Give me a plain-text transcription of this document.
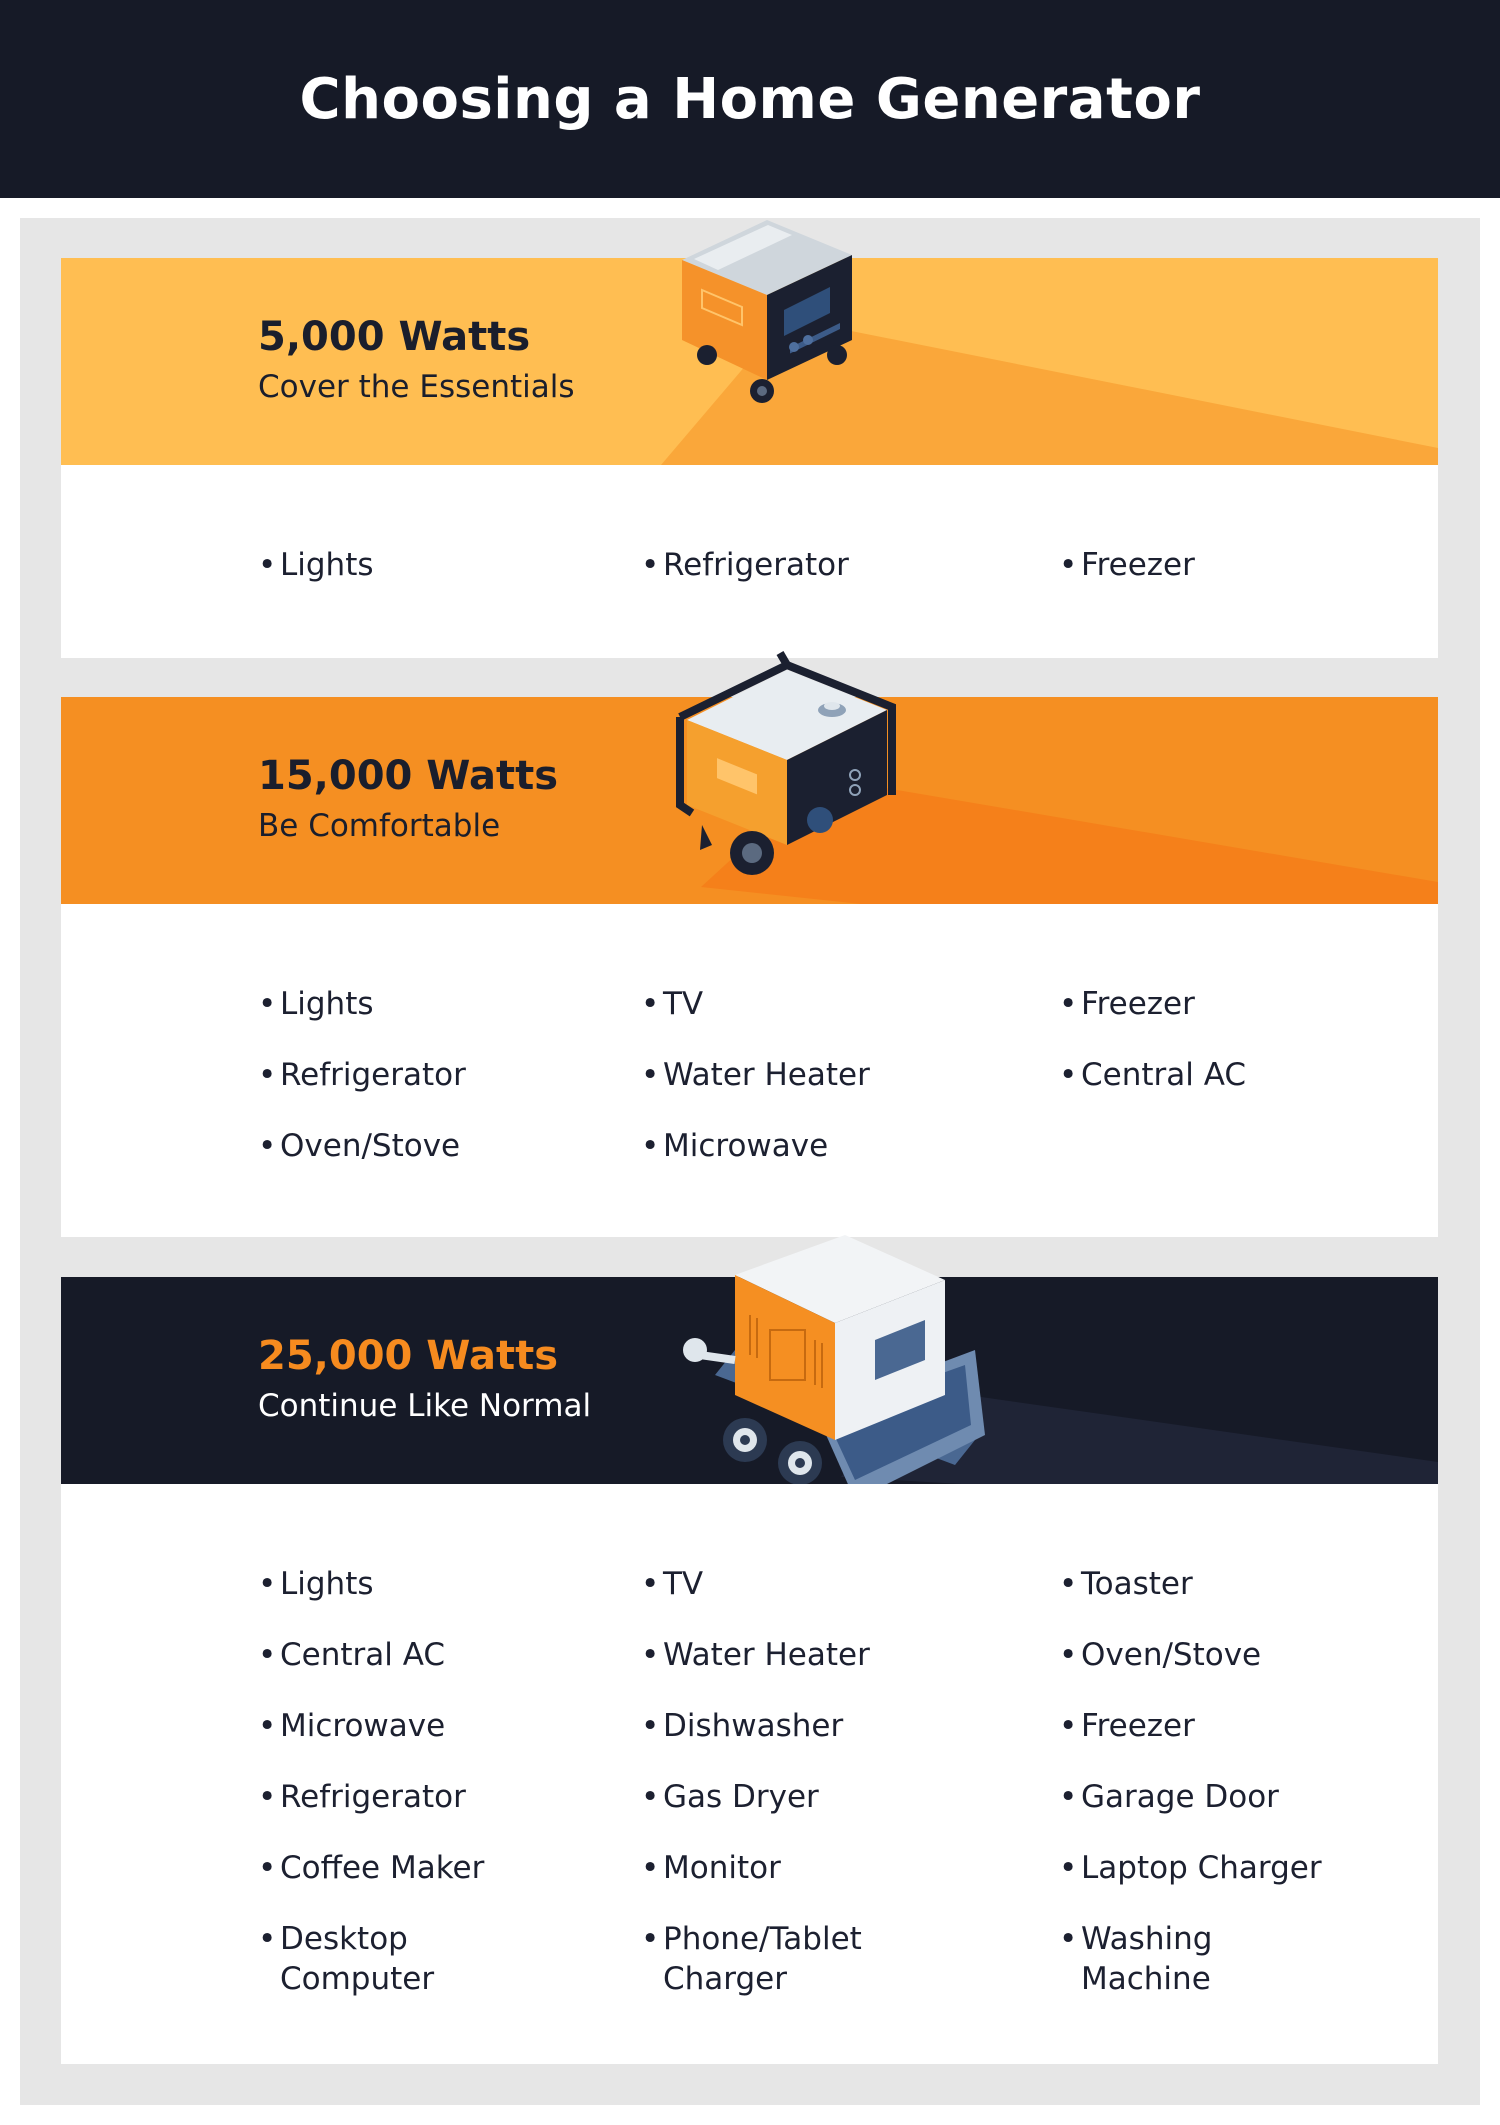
Choosing a Home Generator
5,000 Watts
Cover the Essentials
• Lights	• Refrigerator	• Freezer
15,000 Watts
Be Comfortable
• Lights
• Refrigerator
• Oven/Stove
• TV
• Water Heater
• Microwave
• Freezer
• Central AC
25,000 Watts
Continue Like Normal
• Lights
• Central AC
• Microwave
• Refrigerator
• Coffee Maker
• Desktop
Computer
• TV
• Water Heater
• Dishwasher
• Gas Dryer
• Monitor
• Phone/Tablet
Charger
• Toaster
• Oven/Stove
• Freezer
• Garage Door
• Laptop Charger
• Washing
Machine
